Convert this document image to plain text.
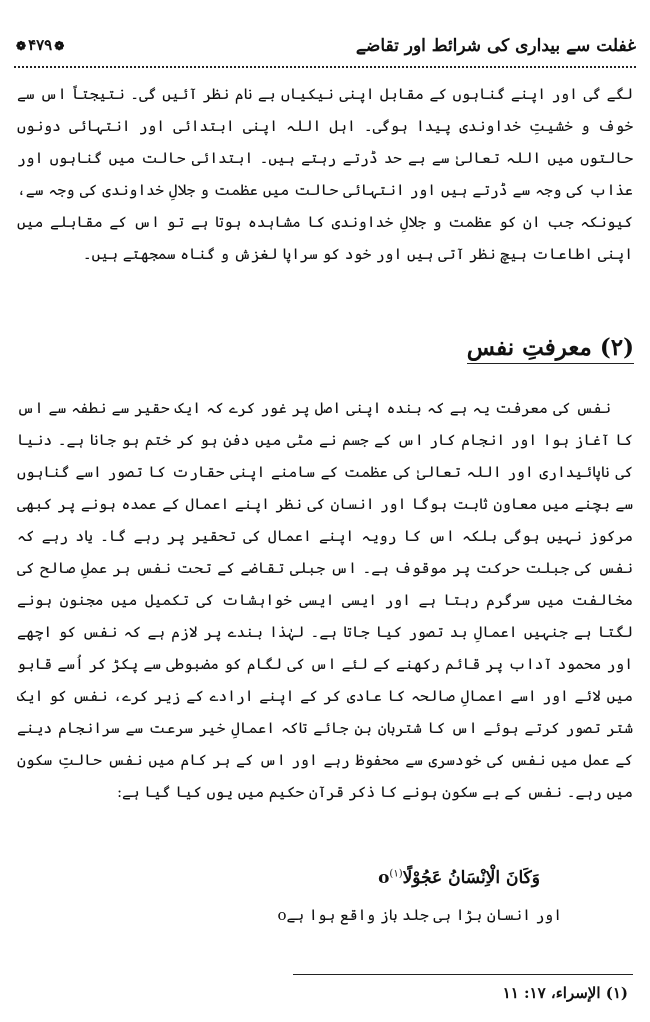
غفلت سے بیداری کی شرائط اور تقاضے
❁ ۴۷۹ ❁

لگے گی اور اپنے گناہوں کے مقابل اپنی نیکیاں بے نام نظر آئیں گی۔ نتیجتاً اس سے خوف و خشیتِ خداوندی پیدا ہوگی۔ اہل اللہ اپنی ابتدائی اور انتہائی دونوں حالتوں میں اللہ تعالیٰ سے بے حد ڈرتے رہتے ہیں۔ ابتدائی حالت میں گناہوں اور عذاب کی وجہ سے ڈرتے ہیں اور انتہائی حالت میں عظمت و جلالِ خداوندی کی وجہ سے، کیونکہ جب ان کو عظمت و جلالِ خداوندی کا مشاہدہ ہوتا ہے تو اس کے مقابلے میں اپنی اطاعات ہیچ نظر آتی ہیں اور خود کو سراپا لغزش و گناہ سمجھتے ہیں۔

(۲) معرفتِ نفس

نفس کی معرفت یہ ہے کہ بندہ اپنی اصل پر غور کرے کہ ایک حقیر سے نطفہ سے اس کا آغاز ہوا اور انجام کار اس کے جسم نے مٹی میں دفن ہو کر ختم ہو جانا ہے۔ دنیا کی ناپائیداری اور اللہ تعالیٰ کی عظمت کے سامنے اپنی حقارت کا تصور اسے گناہوں سے بچنے میں معاون ثابت ہوگا اور انسان کی نظر اپنے اعمال کے عمدہ ہونے پر کبھی مرکوز نہیں ہوگی بلکہ اس کا رویہ اپنے اعمال کی تحقیر پر رہے گا۔ یاد رہے کہ نفس کی جبلت حرکت پر موقوف ہے۔ اس جبلی تقاضے کے تحت نفس ہر عملِ صالح کی مخالفت میں سرگرم رہتا ہے اور ایسی ایسی خواہشات کی تکمیل میں مجنون ہونے لگتا ہے جنہیں اعمالِ بد تصور کیا جاتا ہے۔ لہٰذا بندے پر لازم ہے کہ نفس کو اچھے اور محمود آداب پر قائم رکھنے کے لئے اس کی لگام کو مضبوطی سے پکڑ کر اُسے قابو میں لائے اور اسے اعمالِ صالحہ کا عادی کر کے اپنے ارادے کے زیر کرے، نفس کو ایک شتر تصور کرتے ہوئے اس کا شتربان بن جائے تاکہ اعمالِ خیر سرعت سے سرانجام دینے کے عمل میں نفس کی خودسری سے محفوظ رہے اور اس کے ہر کام میں نفس حالتِ سکون میں رہے۔ نفس کے بے سکون ہونے کا ذکر قرآن حکیم میں یوں کیا گیا ہے:

وَكَانَ الْاِنْسَانُ عَجُوْلًاo$^{(۱)}$
اور انسان بڑا ہی جلد باز واقع ہوا ہےo
(۱) الإسراء، ۱۷: ۱۱
